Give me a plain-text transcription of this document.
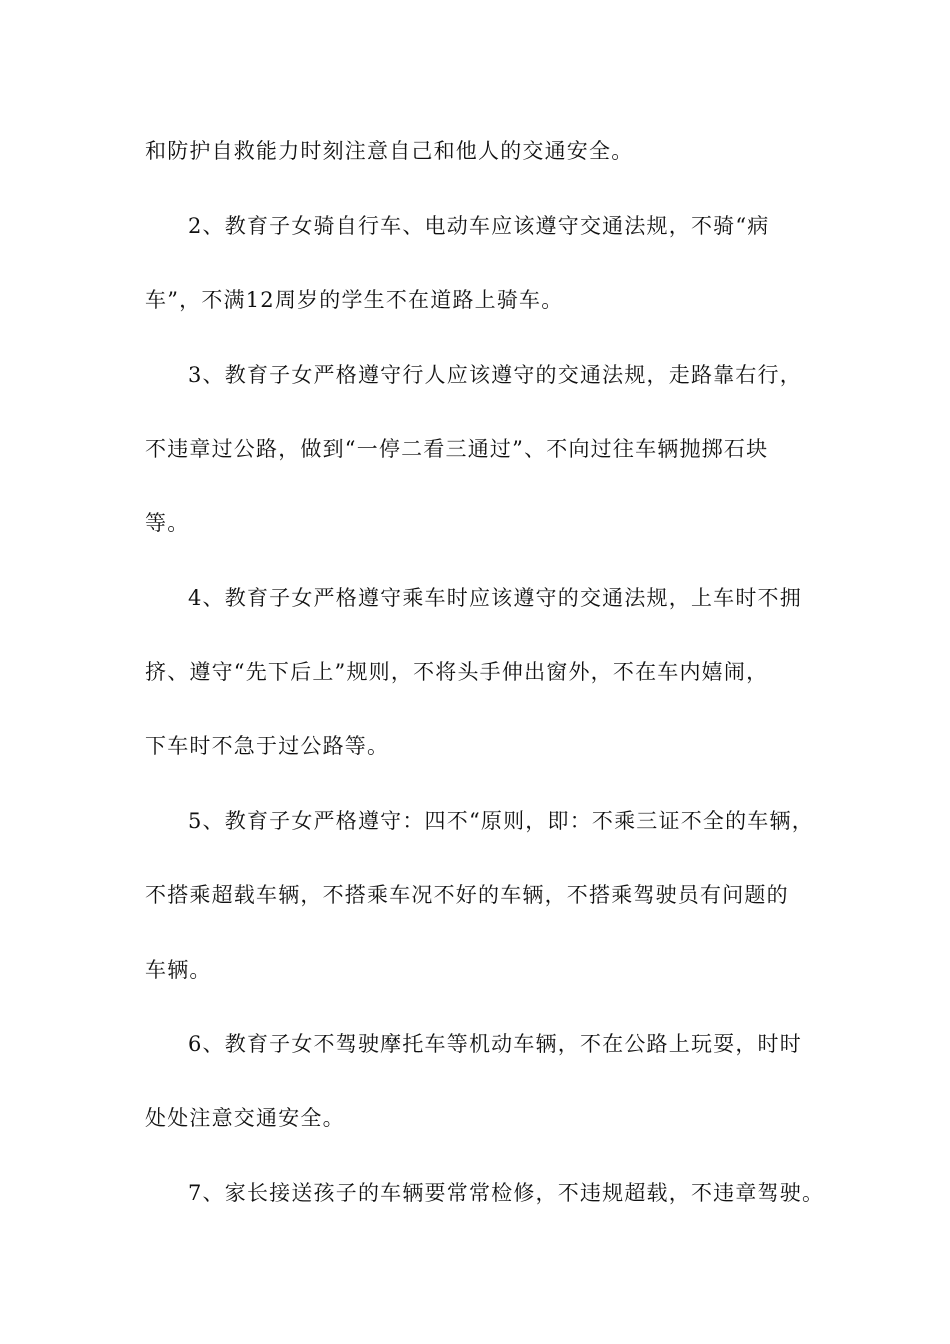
和防护自救能力时刻注意自己和他人的交通安全。
2、教育子女骑自行车、电动车应该遵守交通法规，不骑“病
车”，不满12周岁的学生不在道路上骑车。
3、教育子女严格遵守行人应该遵守的交通法规，走路靠右行，
不违章过公路，做到“一停二看三通过”、不向过往车辆抛掷石块
等。
4、教育子女严格遵守乘车时应该遵守的交通法规，上车时不拥
挤、遵守“先下后上”规则，不将头手伸出窗外，不在车内嬉闹，
下车时不急于过公路等。
5、教育子女严格遵守：四不“原则，即：不乘三证不全的车辆，
不搭乘超载车辆，不搭乘车况不好的车辆，不搭乘驾驶员有问题的
车辆。
6、教育子女不驾驶摩托车等机动车辆，不在公路上玩耍，时时
处处注意交通安全。
7、家长接送孩子的车辆要常常检修，不违规超载，不违章驾驶。
